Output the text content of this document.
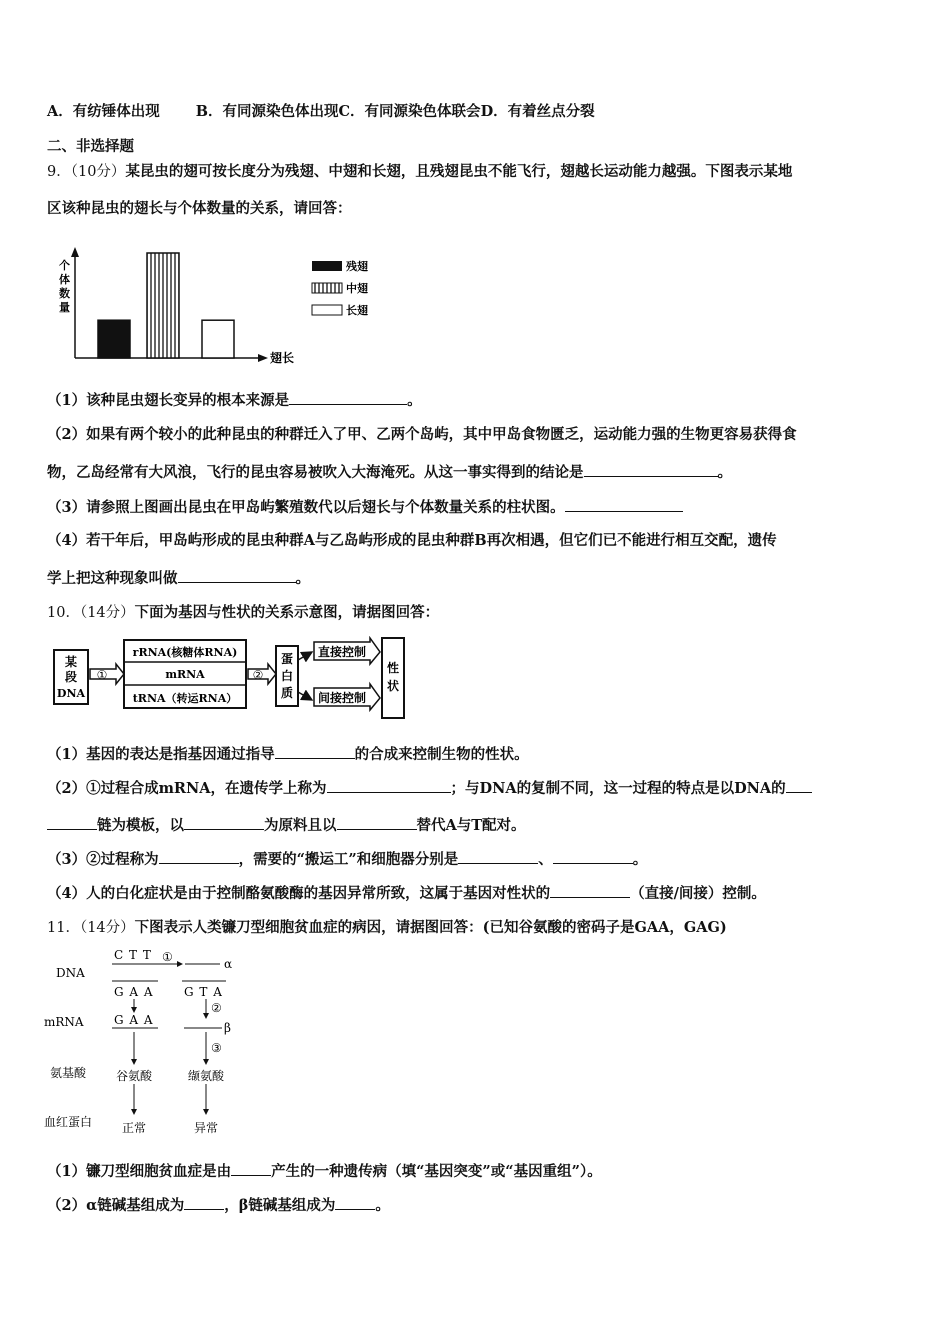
A．有纺锤体出现 B．有同源染色体出现C．有同源染色体联会D．有着丝点分裂
二、非选择题
9．（10分）某昆虫的翅可按长度分为残翅、中翅和长翅，且残翅昆虫不能飞行，翅越长运动能力越强。下图表示某地
区该种昆虫的翅长与个体数量的关系，请回答：
个
体
数
量
翅长
残翅
中翅
长翅
（1）该种昆虫翅长变异的根本来源是	。
（2）如果有两个较小的此种昆虫的种群迁入了甲、乙两个岛屿，其中甲岛食物匮乏，运动能力强的生物更容易获得食
物，乙岛经常有大风浪，飞行的昆虫容易被吹入大海淹死。从这一事实得到的结论是	。
（3）请参照上图画出昆虫在甲岛屿繁殖数代以后翅长与个体数量关系的柱状图。
（4）若干年后，甲岛屿形成的昆虫种群A与乙岛屿形成的昆虫种群B再次相遇，但它们已不能进行相互交配，遗传
学上把这种现象叫做	。
10．（14分）下面为基因与性状的关系示意图，请据图回答：
某
段
DNA
①
rRNA(核糖体RNA)
mRNA
tRNA（转运RNA）
②
蛋
白
质
直接控制
间接控制
性
状
（1）基因的表达是指基因通过指导	的合成来控制生物的性状。
（2）①过程合成mRNA，在遗传学上称为	；与DNA的复制不同，这一过程的特点是以DNA的
链为模板，以	为原料且以	替代A与T配对。
（3）②过程称为	，需要的“搬运工”和细胞器分别是	、	。
（4）人的白化症状是由于控制酪氨酸酶的基因异常所致，这属于基因对性状的	（直接/间接）控制。
11．（14分）下图表示人类镰刀型细胞贫血症的病因，请据图回答：(已知谷氨酸的密码子是GAA，GAG)
DNA
mRNA
氨基酸
血红蛋白
C T T
G A A
①	α
G T A
G A A
②
β
③
谷氨酸	缬氨酸
正常	异常
（1）镰刀型细胞贫血症是由	产生的一种遗传病（填“基因突变”或“基因重组”）。
（2）α链碱基组成为	，β链碱基组成为	。
